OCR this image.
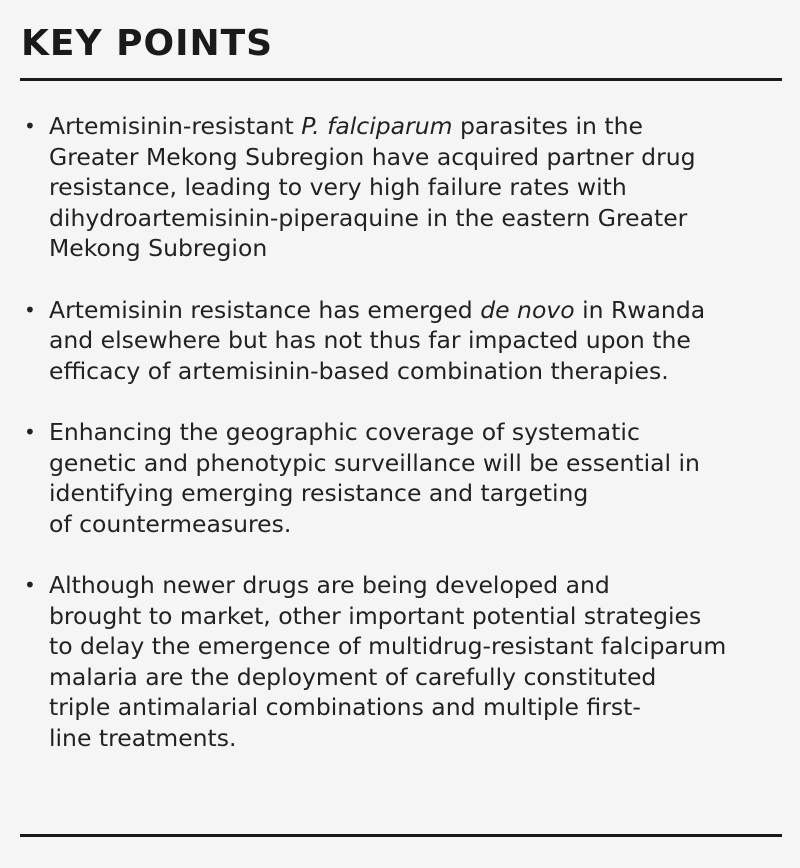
KEY POINTS
• Artemisinin-resistant P. falciparum parasites in the
Greater Mekong Subregion have acquired partner drug
resistance, leading to very high failure rates with
dihydroartemisinin-piperaquine in the eastern Greater
Mekong Subregion
• Artemisinin resistance has emerged de novo in Rwanda
and elsewhere but has not thus far impacted upon the
efficacy of artemisinin-based combination therapies.
• Enhancing the geographic coverage of systematic
genetic and phenotypic surveillance will be essential in
identifying emerging resistance and targeting
of countermeasures.
• Although newer drugs are being developed and
brought to market, other important potential strategies
to delay the emergence of multidrug-resistant falciparum
malaria are the deployment of carefully constituted
triple antimalarial combinations and multiple first-
line treatments.
